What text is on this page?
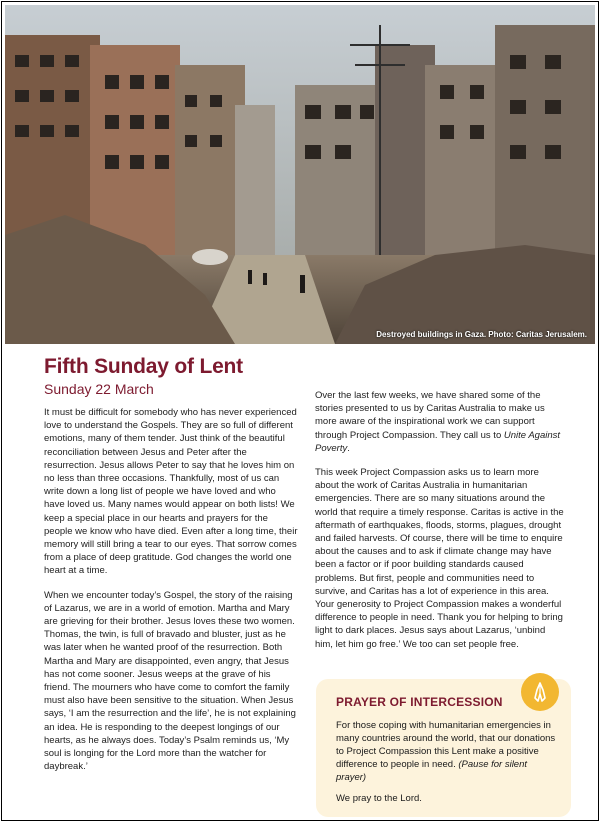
Destroyed buildings in Gaza. Photo: Caritas Jerusalem.
Fifth Sunday of Lent
Sunday 22 March

It must be difficult for somebody who has never experienced love to understand the Gospels. They are so full of different emotions, many of them tender. Just think of the beautiful reconciliation between Jesus and Peter after the resurrection. Jesus allows Peter to say that he loves him on no less than three occasions. Thankfully, most of us can write down a long list of people we have loved and who have loved us. Many names would appear on both lists! We keep a special place in our hearts and prayers for the people we know who have died. Even after a long time, their memory will still bring a tear to our eyes. That sorrow comes from a place of deep gratitude. God changes the world one heart at a time.

When we encounter today’s Gospel, the story of the raising of Lazarus, we are in a world of emotion. Martha and Mary are grieving for their brother. Jesus loves these two women. Thomas, the twin, is full of bravado and bluster, just as he was later when he wanted proof of the resurrection. Both Martha and Mary are disappointed, even angry, that Jesus has not come sooner. Jesus weeps at the grave of his friend. The mourners who have come to comfort the family must also have been sensitive to the situation. When Jesus says, ‘I am the resurrection and the life’, he is not explaining an idea. He is responding to the deepest longings of our hearts, as he always does. Today’s Psalm reminds us, ‘My soul is longing for the Lord more than the watcher for daybreak.’

Over the last few weeks, we have shared some of the stories presented to us by Caritas Australia to make us more aware of the inspirational work we can support through Project Compassion. They call us to Unite Against Poverty.

This week Project Compassion asks us to learn more about the work of Caritas Australia in humanitarian emergencies. There are so many situations around the world that require a timely response. Caritas is active in the aftermath of earthquakes, floods, storms, plagues, drought and failed harvests. Of course, there will be time to enquire about the causes and to ask if climate change may have been a factor or if poor building standards caused problems. But first, people and communities need to survive, and Caritas has a lot of experience in this area. Your generosity to Project Compassion makes a wonderful difference to people in need. Thank you for helping to bring light to dark places. Jesus says about Lazarus, ‘unbind him, let him go free.’ We too can set people free.

PRAYER OF INTERCESSION

For those coping with humanitarian emergencies in many countries around the world, that our donations to Project Compassion this Lent make a positive difference to people in need. (Pause for silent prayer)

We pray to the Lord.
